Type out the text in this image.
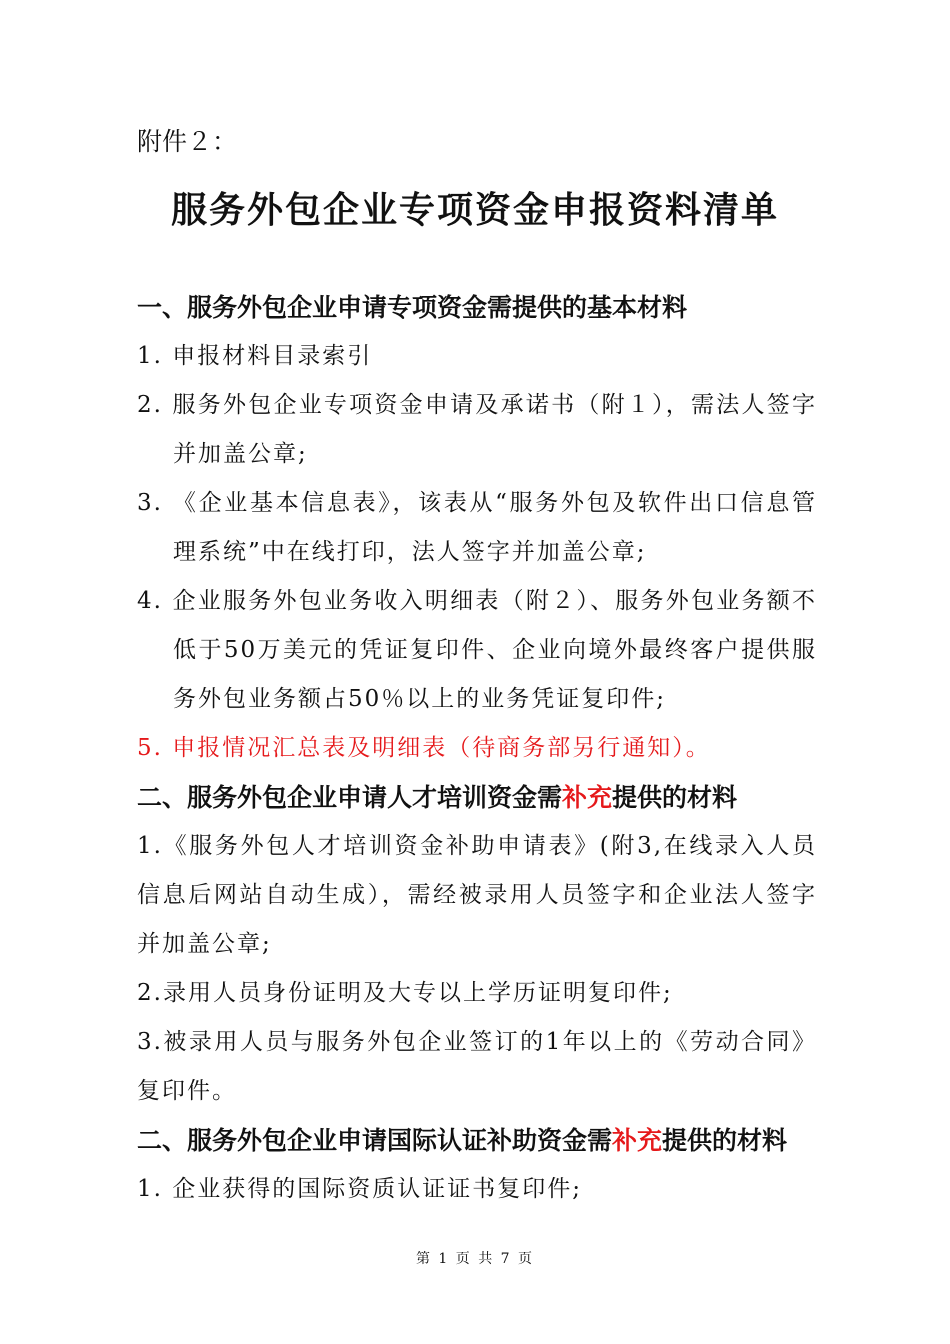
附件２：
服务外包企业专项资金申报资料清单
一、服务外包企业申请专项资金需提供的基本材料
1. 申报材料目录索引
2. 服务外包企业专项资金申请及承诺书（附１），需法人签字并加盖公章;
3. 《企业基本信息表》，该表从“服务外包及软件出口信息管理系统”中在线打印，法人签字并加盖公章;
4. 企业服务外包业务收入明细表（附２）、服务外包业务额不低于50万美元的凭证复印件、企业向境外最终客户提供服务外包业务额占50％以上的业务凭证复印件;
5. 申报情况汇总表及明细表（待商务部另行通知）。
二、服务外包企业申请人才培训资金需补充提供的材料
1.《服务外包人才培训资金补助申请表》(附3,在线录入人员信息后网站自动生成），需经被录用人员签字和企业法人签字并加盖公章;
2.录用人员身份证明及大专以上学历证明复印件;
3.被录用人员与服务外包企业签订的1年以上的《劳动合同》复印件。
二、服务外包企业申请国际认证补助资金需补充提供的材料
1. 企业获得的国际资质认证证书复印件;
第 1 页 共 7 页
